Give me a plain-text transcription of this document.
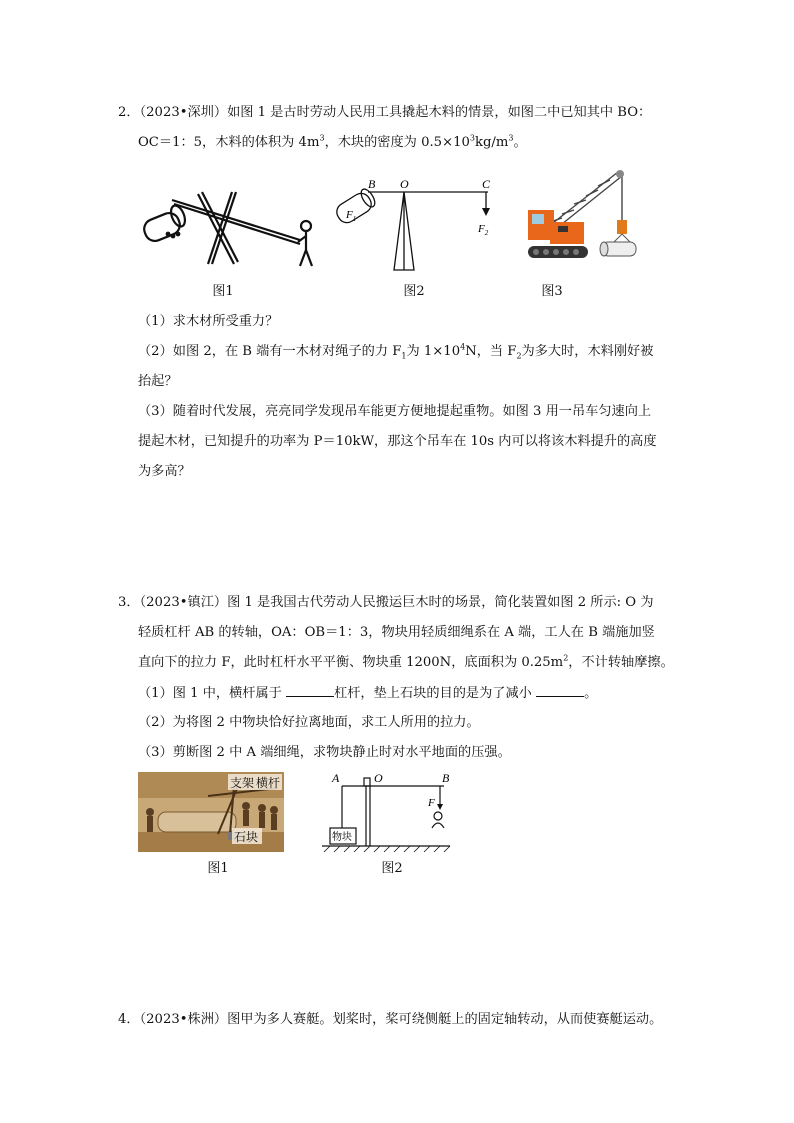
2．（2023•深圳）如图 1 是古时劳动人民用工具撬起木料的情景，如图二中已知其中 BO：
OC＝1：5，木料的体积为 $4m^3$，木块的密度为 $0.5\times 10^3kg/m^3$。
图1
B O	C
$F_1$
$F_2$
图2	图3
（1）求木材所受重力？
（2）如图 2，在 B 端有一木材对绳子的力 $F_1$为 $1\times 10^4N$，当 $F_2$为多大时，木料刚好被
抬起？
（3）随着时代发展，亮亮同学发现吊车能更方便地提起重物。如图 3 用一吊车匀速向上
提起木材，已知提升的功率为 P＝10kW，那这个吊车在 10s 内可以将该木料提升的高度
为多高？
3．（2023•镇江）图 1 是我国古代劳动人民搬运巨木时的场景，简化装置如图 2 所示: O 为
轻质杠杆 AB 的转轴，OA：OB＝1：3，物块用轻质细绳系在 A 端，工人在 B 端施加竖
直向下的拉力 F，此时杠杆水平平衡、物块重 1200N，底面积为 $0.25m^2$，不计转轴摩擦。
（1）图 1 中，横杆属于	杠杆，垫上石块的目的是为了减小	。
（2）为将图 2 中物块恰好拉离地面，求工人所用的拉力。
（3）剪断图 2 中 A 端细绳，求物块静止时对水平地面的压强。
支架 横杆
石块
图1
A	O	B
F
物块
图2
4．（2023•株洲）图甲为多人赛艇。划桨时，桨可绕侧艇上的固定轴转动，从而使赛艇运动。
